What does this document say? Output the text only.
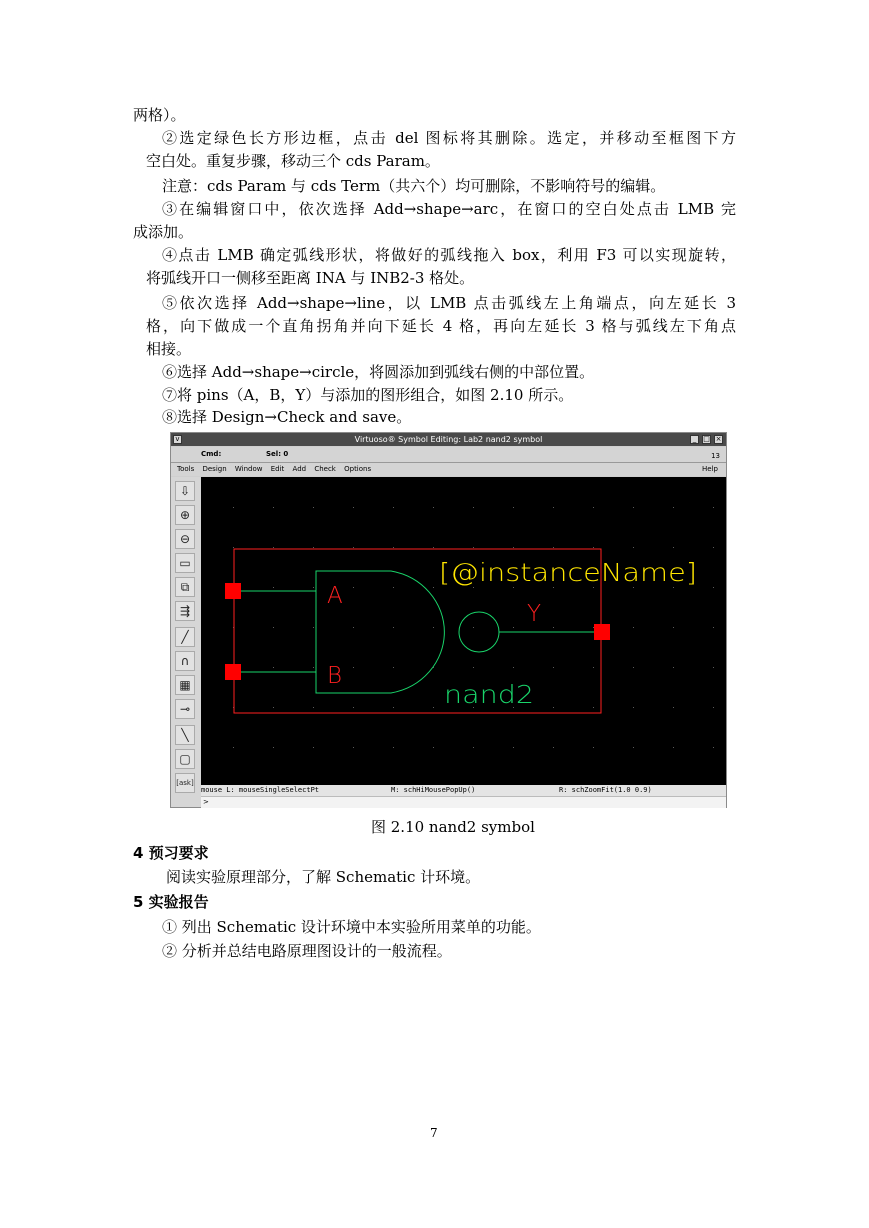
两格）。
②选定绿色长方形边框，点击 del 图标将其删除。选定，并移动至框图下方
空白处。重复步骤，移动三个 cds Param。
注意：cds Param 与 cds Term（共六个）均可删除，不影响符号的编辑。
③在编辑窗口中，依次选择 Add→shape→arc，在窗口的空白处点击 LMB 完
成添加。
④点击 LMB 确定弧线形状，将做好的弧线拖入 box，利用 F3 可以实现旋转，
将弧线开口一侧移至距离 INA 与 INB2-3 格处。
⑤依次选择 Add→shape→line，以 LMB 点击弧线左上角端点，向左延长 3
格，向下做成一个直角拐角并向下延长 4 格，再向左延长 3 格与弧线左下角点
相接。
⑥选择 Add→shape→circle，将圆添加到弧线右侧的中部位置。
⑦将 pins（A，B，Y）与添加的图形组合，如图 2.10 所示。
⑧选择 Design→Check and save。
v	Virtuoso® Symbol Editing: Lab2 nand2 symbol	_ □ ×
Cmd:	Sel: 0	13
Tools Design Window Edit Add Check Options	Help
⇩
⊕
⊖
▭
⧉
⇶
╱
∩
▦
⊸
╲
▢
[ask]
A
B
Y
[@instanceName]
nand2
mouse L: mouseSingleSelectPt	M: schHiMousePopUp()	R: schZoomFit(1.0 0.9)
>
图 2.10 nand2 symbol
4 预习要求
阅读实验原理部分，了解 Schematic 计环境。
5 实验报告
① 列出 Schematic 设计环境中本实验所用菜单的功能。
② 分析并总结电路原理图设计的一般流程。
7
